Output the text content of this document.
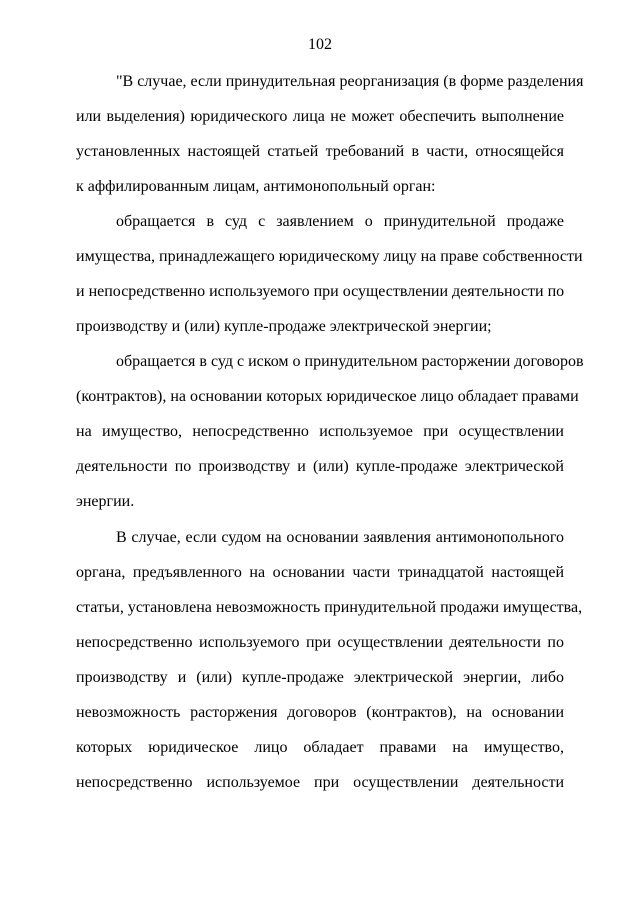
102
"В случае, если принудительная реорганизация (в форме разделения
или выделения) юридического лица не может обеспечить выполнение
установленных настоящей статьей требований в части, относящейся
к аффилированным лицам, антимонопольный орган:
обращается в суд с заявлением о принудительной продаже
имущества, принадлежащего юридическому лицу на праве собственности
и непосредственно используемого при осуществлении деятельности по
производству и (или) купле-продаже электрической энергии;
обращается в суд с иском о принудительном расторжении договоров
(контрактов), на основании которых юридическое лицо обладает правами
на имущество, непосредственно используемое при осуществлении
деятельности по производству и (или) купле-продаже электрической
энергии.
В случае, если судом на основании заявления антимонопольного
органа, предъявленного на основании части тринадцатой настоящей
статьи, установлена невозможность принудительной продажи имущества,
непосредственно используемого при осуществлении деятельности по
производству и (или) купле-продаже электрической энергии, либо
невозможность расторжения договоров (контрактов), на основании
которых юридическое лицо обладает правами на имущество,
непосредственно используемое при осуществлении деятельности
